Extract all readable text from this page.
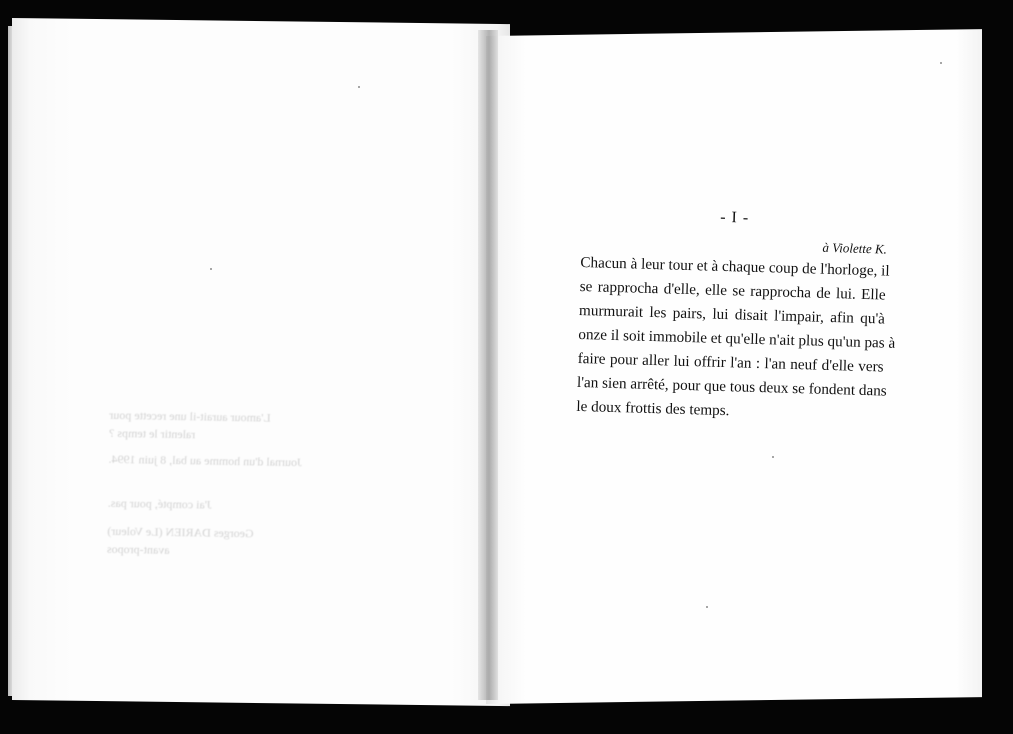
L'amour aurait-il une recette pour
ralentir le temps ?
Journal d'un homme au bal, 8 juin 1994.
J'ai compté, pour pas.
Georges DARIEN (Le Voleur)
avant-propos
- I -
à Violette K.
Chacun à leur tour et à chaque coup de l'horloge, il
se rapprocha d'elle, elle se rapprocha de lui. Elle
murmurait les pairs, lui disait l'impair, afin qu'à
onze il soit immobile et qu'elle n'ait plus qu'un pas à
faire pour aller lui offrir l'an : l'an neuf d'elle vers
l'an sien arrêté, pour que tous deux se fondent dans
le doux frottis des temps.
